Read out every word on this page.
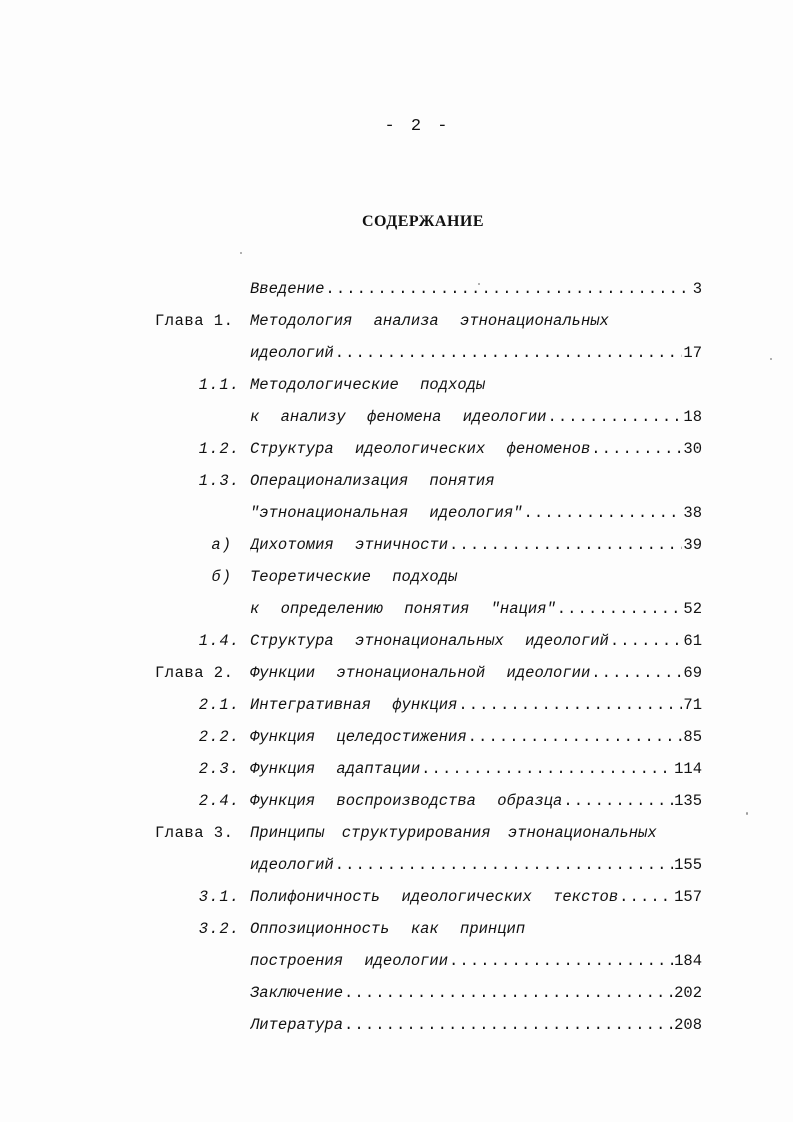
- 2 -
СОДЕРЖАНИЕ
Введение .....	3
Глава 1. Методология анализа этнонациональных
идеологий .....	17
1.1. Методологические подходы
к анализу феномена идеологии .....	18
1.2. Структура идеологических феноменов .....	30
1.3. Операционализация понятия
"этнонациональная идеология" .....	38
а) Дихотомия этничности .....	39
б) Теоретические подходы
к определению понятия "нация" .....	52
1.4. Структура этнонациональных идеологий .....	61
Глава 2. Функции этнонациональной идеологии .....	69
2.1. Интегративная функция .....	71
2.2. Функция целедостижения .....	85
2.3. Функция адаптации .....	114
2.4. Функция воспроизводства образца .....	135
Глава 3. Принципы структурирования этнонациональных
идеологий .....	155
3.1. Полифоничность идеологических текстов .....	157
3.2. Оппозиционность как принцип
построения идеологии .....	184
Заключение .....	202
Литература .....	208
